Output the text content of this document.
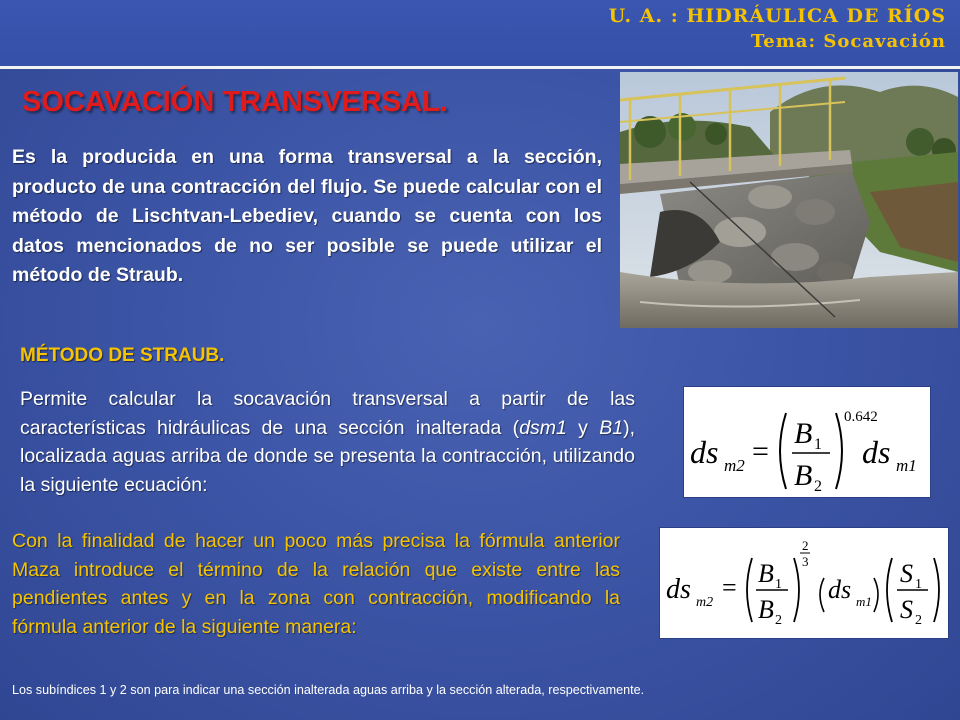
U. A. : HIDRÁULICA DE RÍOS
Tema: Socavación
SOCAVACIÓN TRANSVERSAL.

Es la producida en una forma transversal a la sección, producto de una contracción del flujo. Se puede calcular con el método de Lischtvan-Lebediev, cuando se cuenta con los datos mencionados de no ser posible se puede utilizar el método de Straub.

MÉTODO DE STRAUB.

Permite calcular la socavación transversal a partir de las características hidráulicas de una sección inalterada (dsm1 y B1), localizada aguas arriba de donde se presenta la contracción, utilizando la siguiente ecuación:

ds m2 =
B 1
B 2
0.642
ds m1

Con la finalidad de hacer un poco más precisa la fórmula anterior Maza introduce el término de la relación que existe entre las pendientes antes y en la zona con contracción, modificando la fórmula anterior de la siguiente manera:

ds m2
= B 1
B 2
2
3
ds m1
S 1
S 2
Los subíndices 1 y 2 son para indicar una sección inalterada aguas arriba y la sección alterada, respectivamente.
